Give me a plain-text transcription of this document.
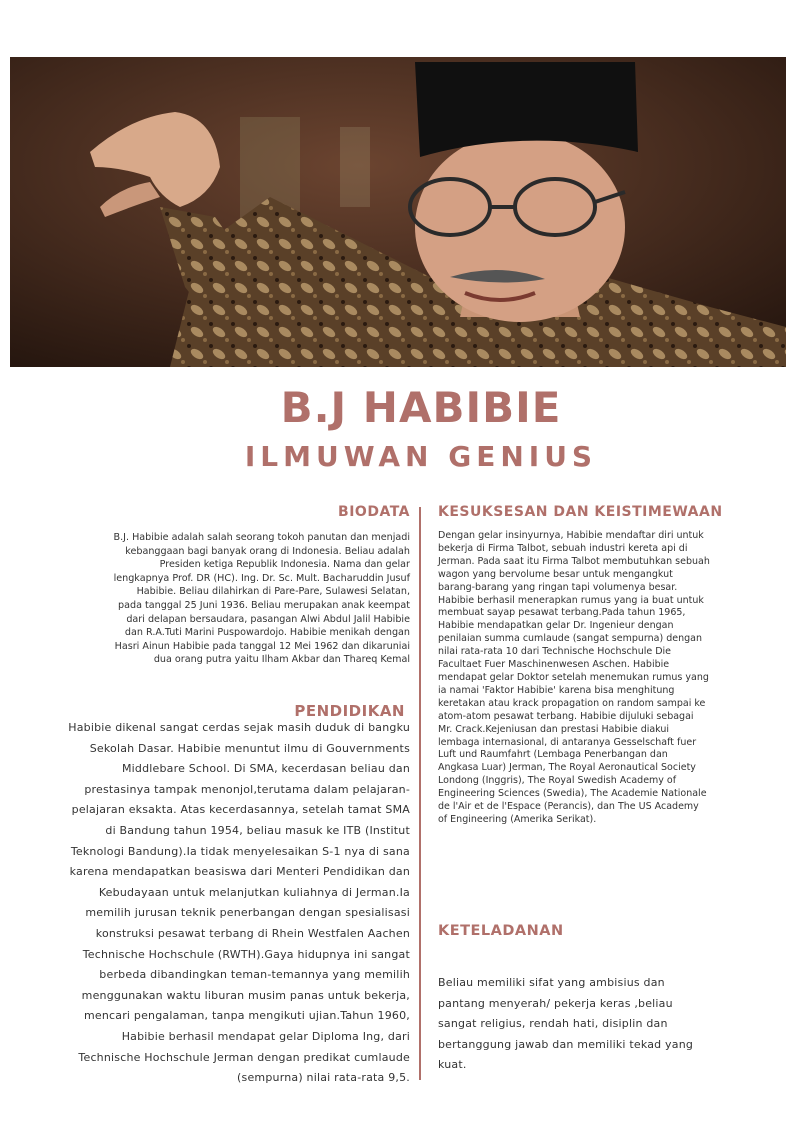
B.J HABIBIE
ILMUWAN GENIUS
BIODATA

B.J. Habibie adalah salah seorang tokoh panutan dan menjadi kebanggaan bagi banyak orang di Indonesia. Beliau adalah Presiden ketiga Republik Indonesia. Nama dan gelar lengkapnya Prof. DR (HC). Ing. Dr. Sc. Mult. Bacharuddin Jusuf Habibie. Beliau dilahirkan di Pare-Pare, Sulawesi Selatan, pada tanggal 25 Juni 1936. Beliau merupakan anak keempat dari delapan bersaudara, pasangan Alwi Abdul Jalil Habibie dan R.A.Tuti Marini Puspowardojo. Habibie menikah dengan Hasri Ainun Habibie pada tanggal 12 Mei 1962 dan dikaruniai dua orang putra yaitu Ilham Akbar dan Thareq Kemal

PENDIDIKAN

Habibie dikenal sangat cerdas sejak masih duduk di bangku Sekolah Dasar. Habibie menuntut ilmu di Gouvernments Middlebare School. Di SMA, kecerdasan beliau dan prestasinya tampak menonjol,terutama dalam pelajaran-pelajaran eksakta. Atas kecerdasannya, setelah tamat SMA di Bandung tahun 1954, beliau masuk ke ITB (Institut Teknologi Bandung).Ia tidak menyelesaikan S-1 nya di sana karena mendapatkan beasiswa dari Menteri Pendidikan dan Kebudayaan untuk melanjutkan kuliahnya di Jerman.Ia memilih jurusan teknik penerbangan dengan spesialisasi konstruksi pesawat terbang di Rhein Westfalen Aachen Technische Hochschule (RWTH).Gaya hidupnya ini sangat berbeda dibandingkan teman-temannya yang memilih menggunakan waktu liburan musim panas untuk bekerja, mencari pengalaman, tanpa mengikuti ujian.Tahun 1960, Habibie berhasil mendapat gelar Diploma Ing, dari Technische Hochschule Jerman dengan predikat cumlaude (sempurna) nilai rata-rata 9,5.

KESUKSESAN DAN KEISTIMEWAAN

Dengan gelar insinyurnya, Habibie mendaftar diri untuk bekerja di Firma Talbot, sebuah industri kereta api di Jerman. Pada saat itu Firma Talbot membutuhkan sebuah wagon yang bervolume besar untuk mengangkut barang-barang yang ringan tapi volumenya besar. Habibie berhasil menerapkan rumus yang ia buat untuk membuat sayap pesawat terbang.Pada tahun 1965, Habibie mendapatkan gelar Dr. Ingenieur dengan penilaian summa cumlaude (sangat sempurna) dengan nilai rata-rata 10 dari Technische Hochschule Die Facultaet Fuer Maschinenwesen Aschen. Habibie mendapat gelar Doktor setelah menemukan rumus yang ia namai 'Faktor Habibie' karena bisa menghitung keretakan atau krack propagation on random sampai ke atom-atom pesawat terbang. Habibie dijuluki sebagai Mr. Crack.Kejeniusan dan prestasi Habibie diakui lembaga internasional, di antaranya Gesselschaft fuer Luft und Raumfahrt (Lembaga Penerbangan dan Angkasa Luar) Jerman, The Royal Aeronautical Society Londong (Inggris), The Royal Swedish Academy of Engineering Sciences (Swedia), The Academie Nationale de l'Air et de l'Espace (Perancis), dan The US Academy of Engineering (Amerika Serikat).

KETELADANAN

Beliau memiliki sifat yang ambisius dan pantang menyerah/ pekerja keras ,beliau sangat religius, rendah hati, disiplin dan bertanggung jawab dan memiliki tekad yang kuat.
